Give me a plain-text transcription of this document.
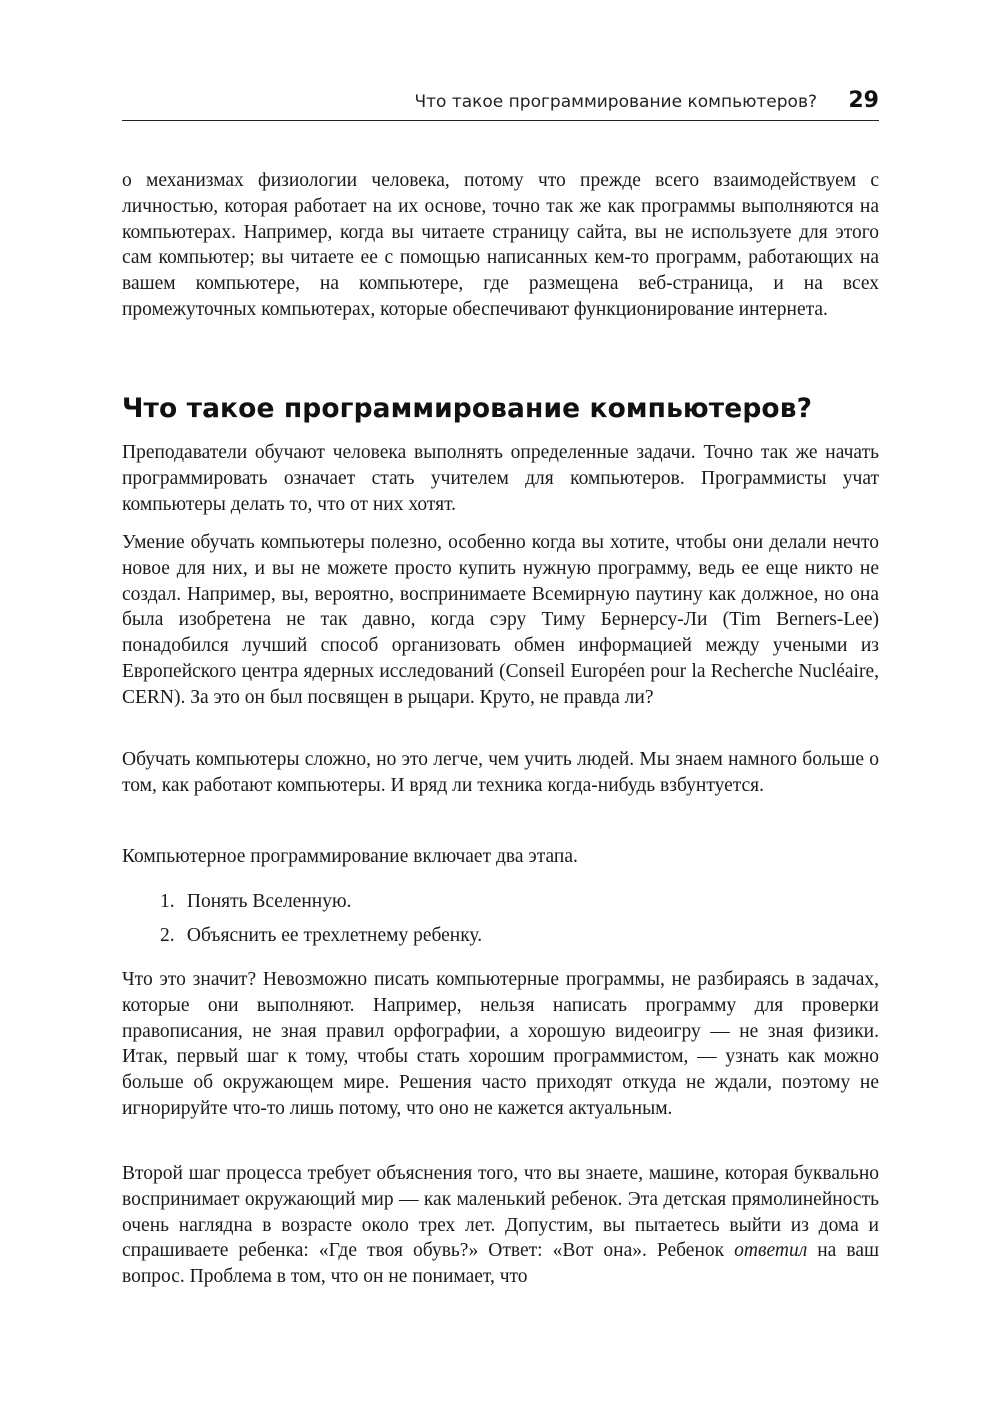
Что такое программирование компьютеров? 29

о механизмах физиологии человека, потому что прежде всего взаимодействуем с личностью, которая работает на их основе, точно так же как программы выполняются на компьютерах. Например, когда вы читаете страницу сайта, вы не используете для этого сам компьютер; вы читаете ее с помощью написанных кем-то программ, работающих на вашем компьютере, на компьютере, где размещена веб-страница, и на всех промежуточных компьютерах, которые обеспечивают функционирование интернета.

Что такое программирование компьютеров?

Преподаватели обучают человека выполнять определенные задачи. Точно так же начать программировать означает стать учителем для компьютеров. Программисты учат компьютеры делать то, что от них хотят.

Умение обучать компьютеры полезно, особенно когда вы хотите, чтобы они делали нечто новое для них, и вы не можете просто купить нужную программу, ведь ее еще никто не создал. Например, вы, вероятно, воспринимаете Всемирную паутину как должное, но она была изобретена не так давно, когда сэру Тиму Бернерсу-Ли (Tim Berners-Lee) понадобился лучший способ организовать обмен информацией между учеными из Европейского центра ядерных исследований (Conseil Européen pour la Recherche Nucléaire, CERN). За это он был посвящен в рыцари. Круто, не правда ли?

Обучать компьютеры сложно, но это легче, чем учить людей. Мы знаем намного больше о том, как работают компьютеры. И вряд ли техника когда-нибудь взбунтуется.

Компьютерное программирование включает два этапа.

1. Понять Вселенную.
2. Объяснить ее трехлетнему ребенку.

Что это значит? Невозможно писать компьютерные программы, не разбираясь в задачах, которые они выполняют. Например, нельзя написать программу для проверки правописания, не зная правил орфографии, а хорошую видеоигру — не зная физики. Итак, первый шаг к тому, чтобы стать хорошим программистом, — узнать как можно больше об окружающем мире. Решения часто приходят откуда не ждали, поэтому не игнорируйте что-то лишь потому, что оно не кажется актуальным.

Второй шаг процесса требует объяснения того, что вы знаете, машине, которая буквально воспринимает окружающий мир — как маленький ребенок. Эта детская прямолинейность очень наглядна в возрасте около трех лет. Допустим, вы пытаетесь выйти из дома и спрашиваете ребенка: «Где твоя обувь?» Ответ: «Вот она». Ребенок ответил на ваш вопрос. Проблема в том, что он не понимает, что
